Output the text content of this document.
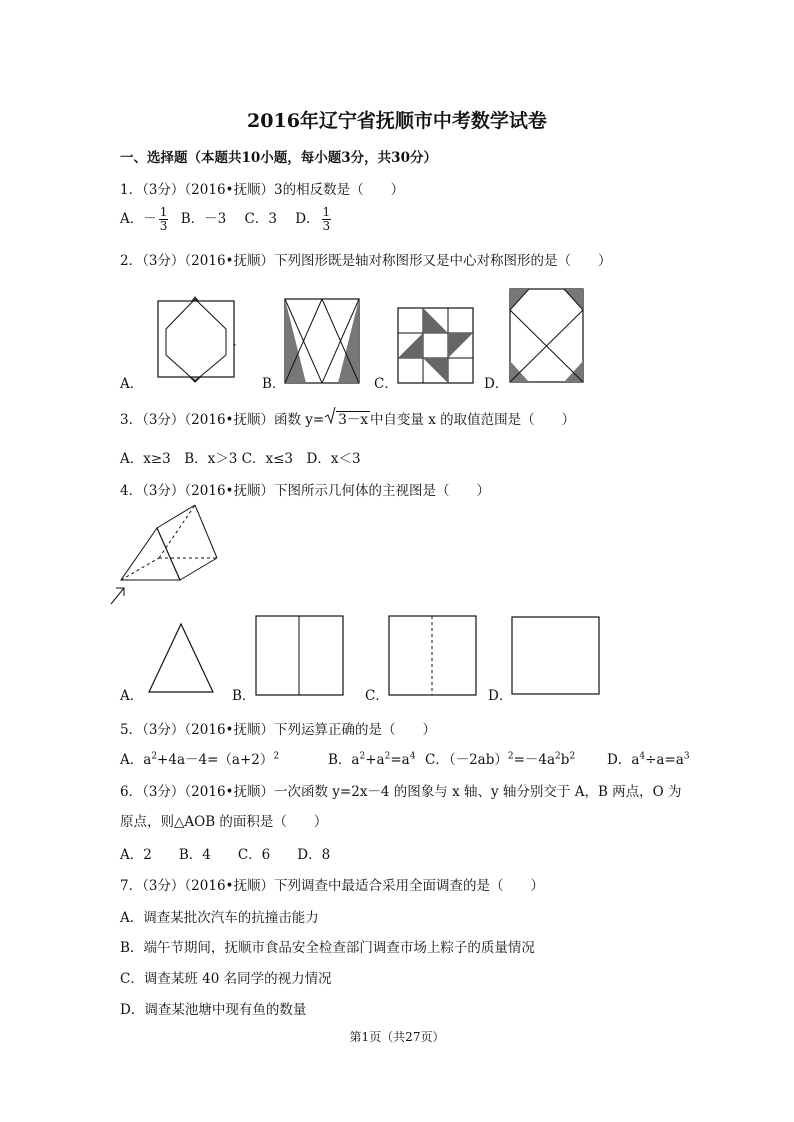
2016年辽宁省抚顺市中考数学试卷
一、选择题（本题共10小题，每小题3分，共30分）
1．（3分）（2016•抚顺）3的相反数是（　　）
A．－ $\frac{1}{3}$ B．－3 C．3 D． $\frac{1}{3}$
2．（3分）（2016•抚顺）下列图形既是轴对称图形又是中心对称图形的是（　　）
A．	B．	C．	D．
3．（3分）（2016•抚顺）函数 y= 3－x 中自变量 x 的取值范围是（　　）
A．x≥3　B．x＞3 C．x≤3　D．x＜3
4．（3分）（2016•抚顺）下图所示几何体的主视图是（　　）
A．	B．	C．	D．
5．（3分）（2016•抚顺）下列运算正确的是（　　）
A．$a^2+4a-4=(a+2)^2$	B．$a^2+a^2=a^4$ C．$(-2ab)^2=-4a^2b^2$ D．$a^4\div a=a^3$
6．（3分）（2016•抚顺）一次函数 y=2x－4 的图象与 x 轴、y 轴分别交于 A，B 两点，O 为
原点，则△AOB 的面积是（　　）
A．2　　B．4　　C．6　　D．8
7．（3分）（2016•抚顺）下列调查中最适合采用全面调查的是（　　）
A．调查某批次汽车的抗撞击能力
B．端午节期间，抚顺市食品安全检查部门调查市场上粽子的质量情况
C．调查某班 40 名同学的视力情况
D．调查某池塘中现有鱼的数量
第1页（共27页）
